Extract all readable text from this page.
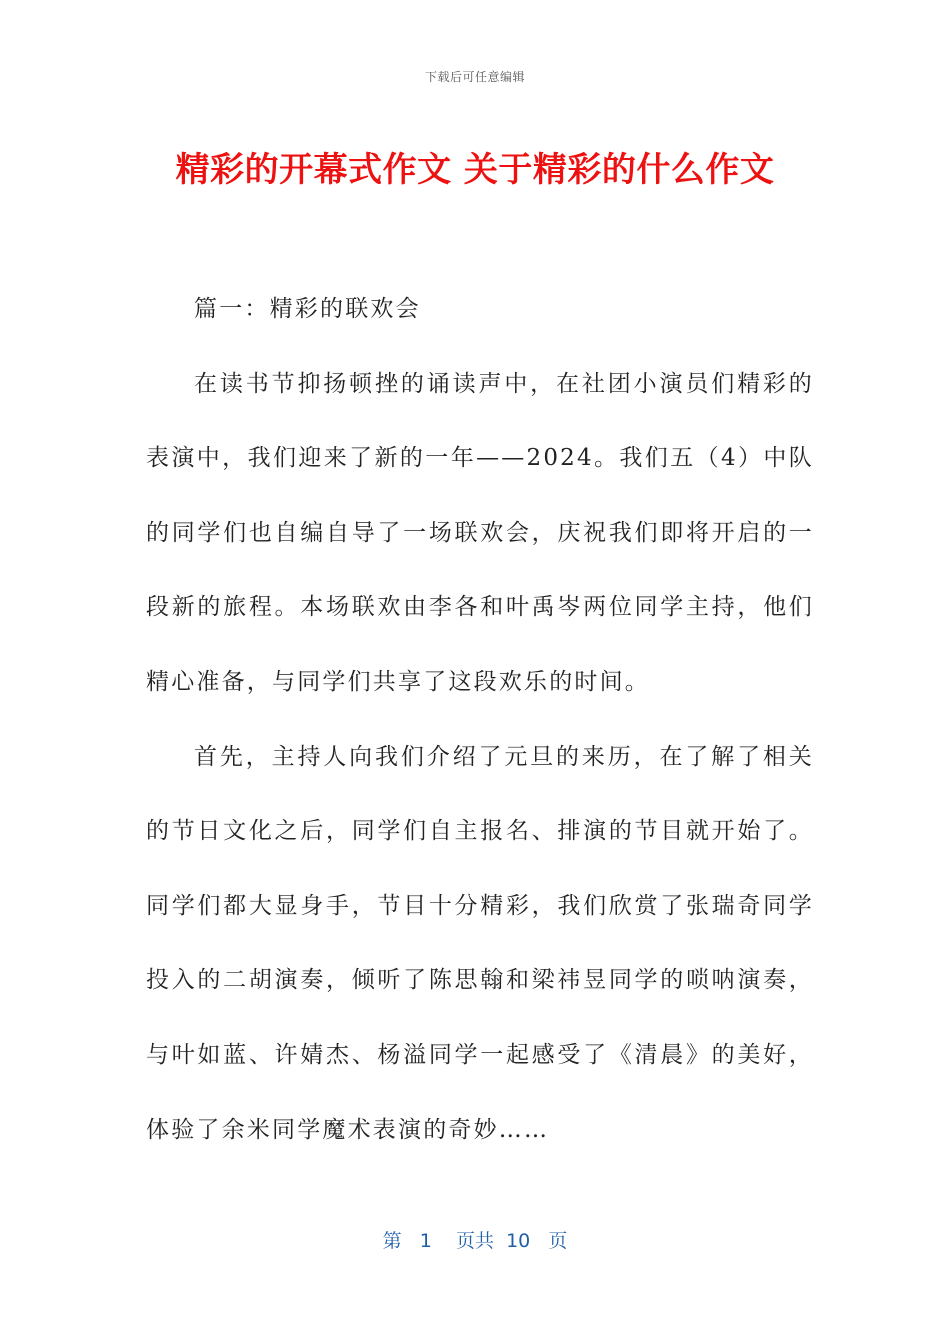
下载后可任意编辑
精彩的开幕式作文 关于精彩的什么作文

篇一：精彩的联欢会

在读书节抑扬顿挫的诵读声中，在社团小演员们精彩的表演中，我们迎来了新的一年——2024。我们五（4）中队的同学们也自编自导了一场联欢会，庆祝我们即将开启的一段新的旅程。本场联欢由李各和叶禹岑两位同学主持，他们精心准备，与同学们共享了这段欢乐的时间。

首先，主持人向我们介绍了元旦的来历，在了解了相关的节日文化之后，同学们自主报名、排演的节目就开始了。同学们都大显身手，节目十分精彩，我们欣赏了张瑞奇同学投入的二胡演奏，倾听了陈思翰和梁祎昱同学的唢呐演奏，与叶如蓝、许婧杰、杨溢同学一起感受了《清晨》的美好，体验了余米同学魔术表演的奇妙……

第 1 页共 10 页
